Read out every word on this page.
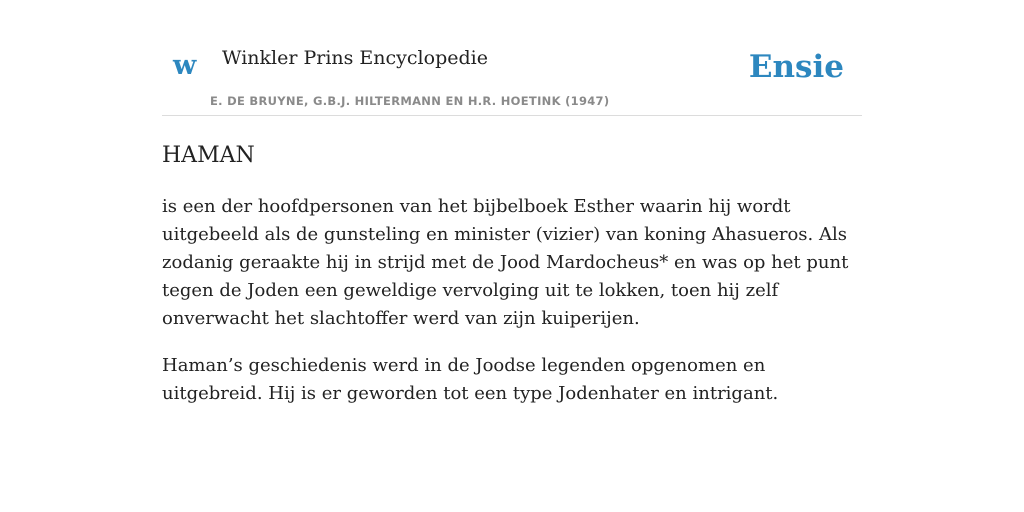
w Winkler Prins Encyclopedie
E. DE BRUYNE, G.B.J. HILTERMANN EN H.R. HOETINK (1947)
Ensie
HAMAN

is een der hoofdpersonen van het bijbelboek Esther waarin hij wordt uitgebeeld als de gunsteling en minister (vizier) van koning Ahasueros. Als zodanig geraakte hij in strijd met de Jood Mardocheus* en was op het punt tegen de Joden een geweldige vervolging uit te lokken, toen hij zelf onverwacht het slachtoffer werd van zijn kuiperijen.

Haman’s geschiedenis werd in de Joodse legenden opgenomen en uitgebreid. Hij is er geworden tot een type Jodenhater en intrigant.
